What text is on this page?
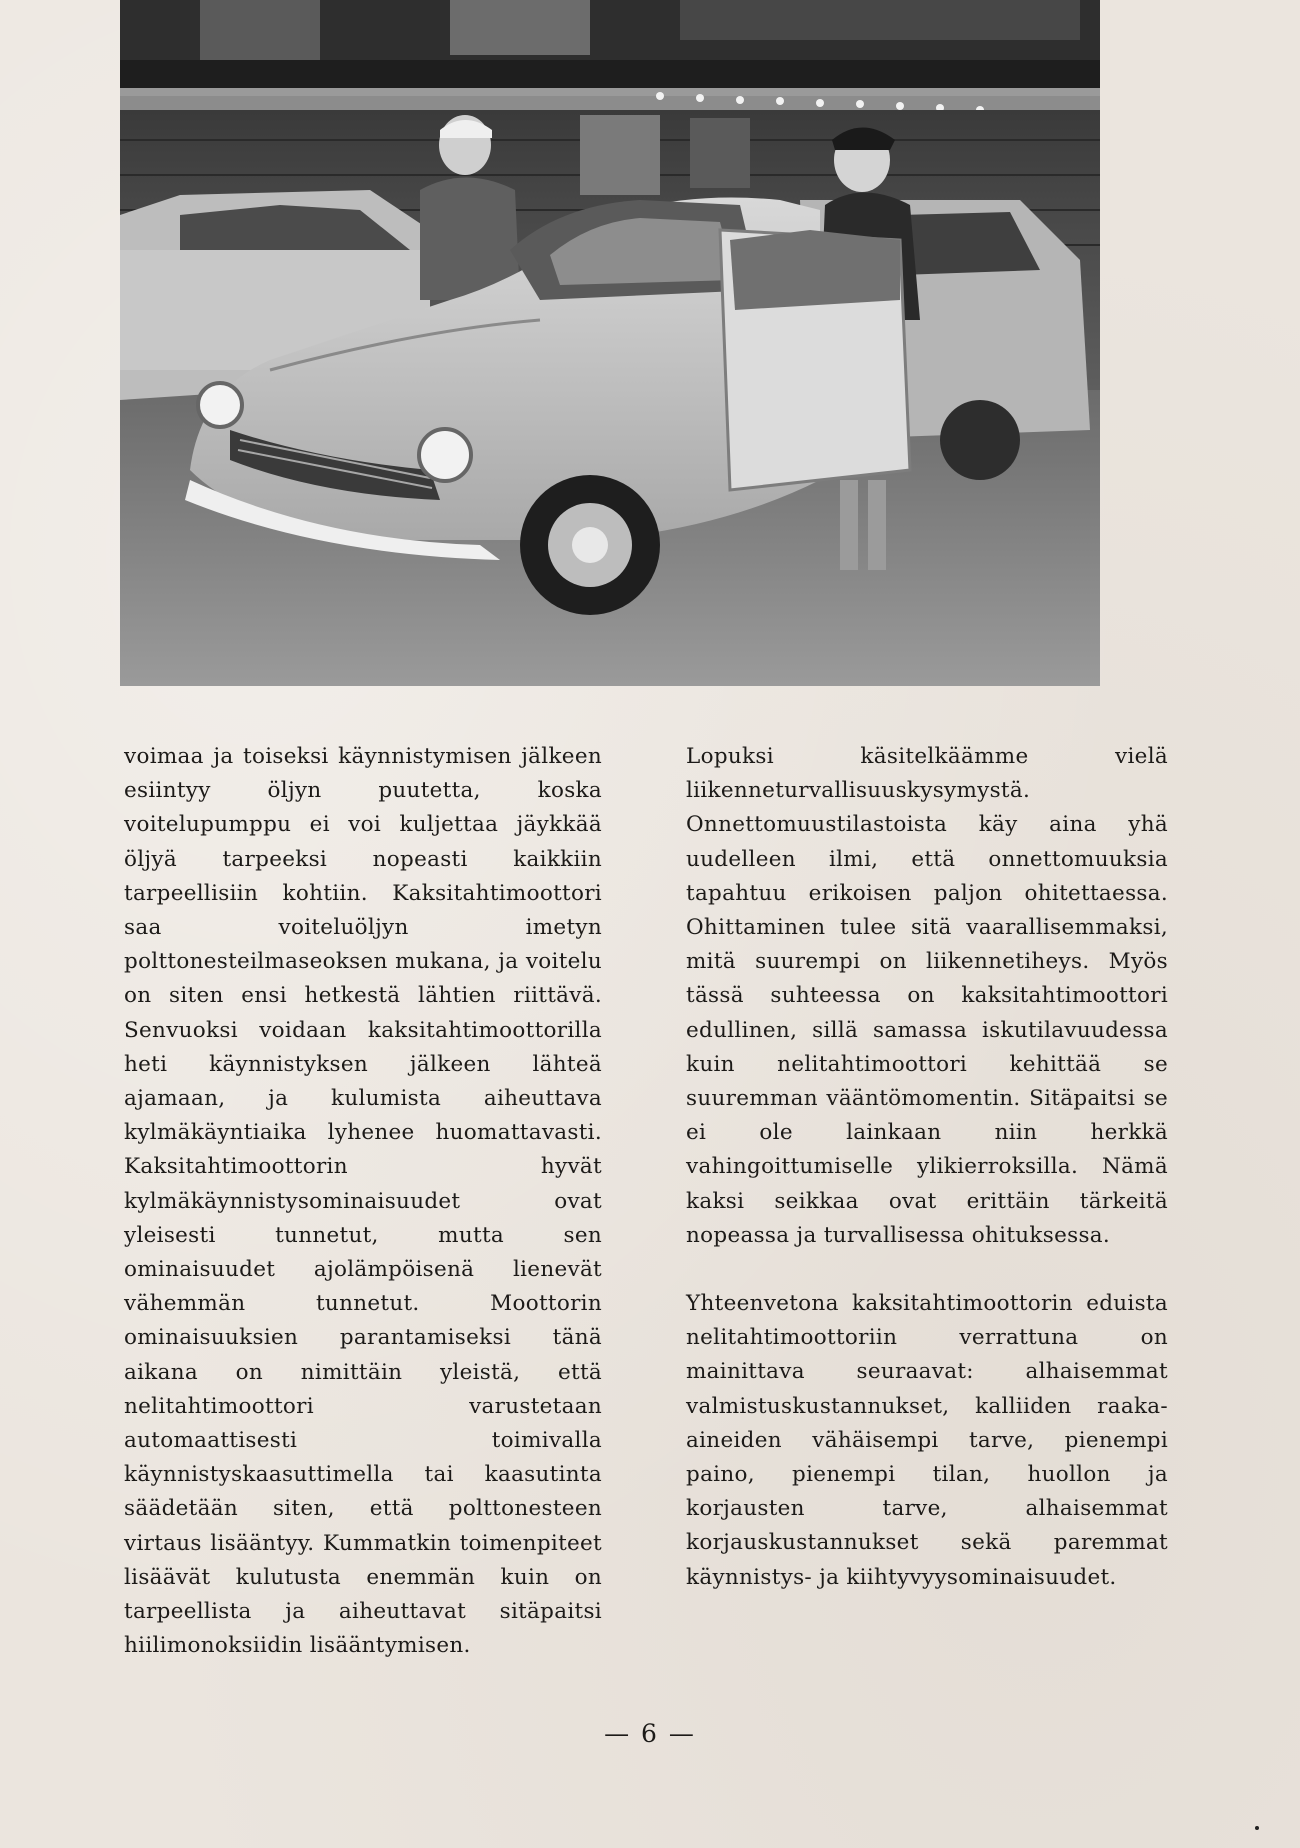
voimaa ja toiseksi käynnistymisen jälkeen esiintyy öljyn puutetta, koska voitelupumppu ei voi kuljettaa jäykkää öljyä tarpeeksi nopeasti kaikkiin tarpeellisiin kohtiin. Kaksitahtimoottori saa voiteluöljyn imetyn polttonesteilmaseoksen mukana, ja voitelu on siten ensi hetkestä lähtien riittävä. Senvuoksi voidaan kaksitahtimoottorilla heti käynnistyksen jälkeen lähteä ajamaan, ja kulumista aiheuttava kylmäkäyntiaika lyhenee huomattavasti. Kaksitahtimoottorin hyvät kylmäkäynnistysominaisuudet ovat yleisesti tunnetut, mutta sen ominaisuudet ajolämpöisenä lienevät vähemmän tunnetut. Moottorin ominaisuuksien parantamiseksi tänä aikana on nimittäin yleistä, että nelitahtimoottori varustetaan automaattisesti toimivalla käynnistyskaasuttimella tai kaasutinta säädetään siten, että polttonesteen virtaus lisääntyy. Kummatkin toimenpiteet lisäävät kulutusta enemmän kuin on tarpeellista ja aiheuttavat sitäpaitsi hiilimonoksiidin lisääntymisen.

Lopuksi käsitelkäämme vielä liikenneturvallisuuskysymystä. Onnettomuustilastoista käy aina yhä uudelleen ilmi, että onnettomuuksia tapahtuu erikoisen paljon ohitettaessa. Ohittaminen tulee sitä vaarallisemmaksi, mitä suurempi on liikennetiheys. Myös tässä suhteessa on kaksitahtimoottori edullinen, sillä samassa iskutilavuudessa kuin nelitahtimoottori kehittää se suuremman vääntömomentin. Sitäpaitsi se ei ole lainkaan niin herkkä vahingoittumiselle ylikierroksilla. Nämä kaksi seikkaa ovat erittäin tärkeitä nopeassa ja turvallisessa ohituksessa.

Yhteenvetona kaksitahtimoottorin eduista nelitahtimoottoriin verrattuna on mainittava seuraavat: alhaisemmat valmistuskustannukset, kalliiden raaka-aineiden vähäisempi tarve, pienempi paino, pienempi tilan, huollon ja korjausten tarve, alhaisemmat korjauskustannukset sekä paremmat käynnistys- ja kiihtyvyysominaisuudet.

— 6 —
